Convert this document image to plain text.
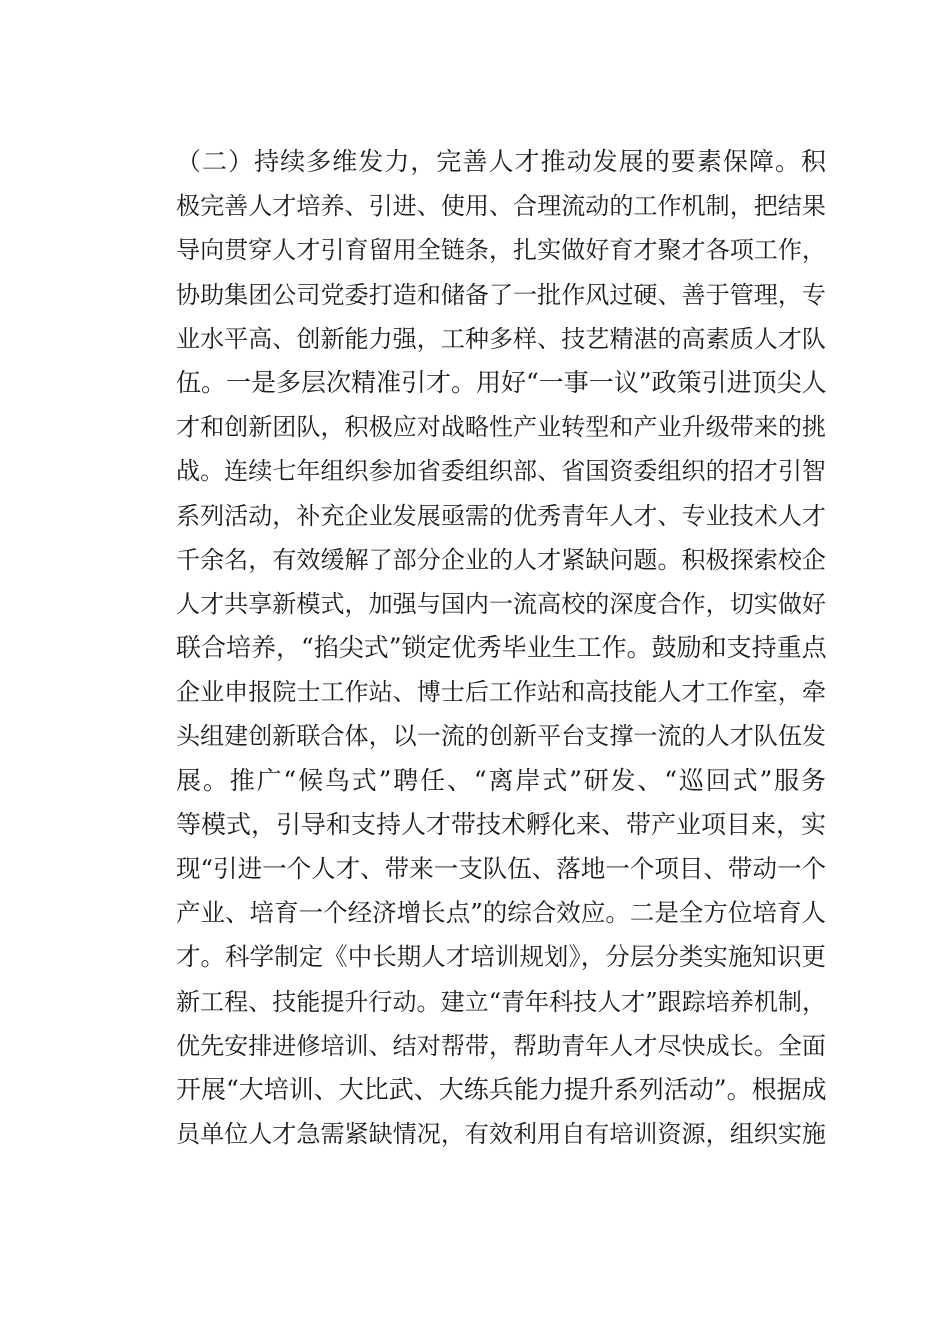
（二）持续多维发力，完善人才推动发展的要素保障。积
极完善人才培养、引进、使用、合理流动的工作机制，把结果
导向贯穿人才引育留用全链条，扎实做好育才聚才各项工作，
协助集团公司党委打造和储备了一批作风过硬、善于管理，专
业水平高、创新能力强，工种多样、技艺精湛的高素质人才队
伍。一是多层次精准引才。用好“一事一议”政策引进顶尖人
才和创新团队，积极应对战略性产业转型和产业升级带来的挑
战。连续七年组织参加省委组织部、省国资委组织的招才引智
系列活动，补充企业发展亟需的优秀青年人才、专业技术人才
千余名，有效缓解了部分企业的人才紧缺问题。积极探索校企
人才共享新模式，加强与国内一流高校的深度合作，切实做好
联合培养，“掐尖式”锁定优秀毕业生工作。鼓励和支持重点
企业申报院士工作站、博士后工作站和高技能人才工作室，牵
头组建创新联合体，以一流的创新平台支撑一流的人才队伍发
展。推广“候鸟式”聘任、“离岸式”研发、“巡回式”服务
等模式，引导和支持人才带技术孵化来、带产业项目来，实
现“引进一个人才、带来一支队伍、落地一个项目、带动一个
产业、培育一个经济增长点”的综合效应。二是全方位培育人
才。科学制定《中长期人才培训规划》，分层分类实施知识更
新工程、技能提升行动。建立“青年科技人才”跟踪培养机制，
优先安排进修培训、结对帮带，帮助青年人才尽快成长。全面
开展“大培训、大比武、大练兵能力提升系列活动”。根据成
员单位人才急需紧缺情况，有效利用自有培训资源，组织实施
